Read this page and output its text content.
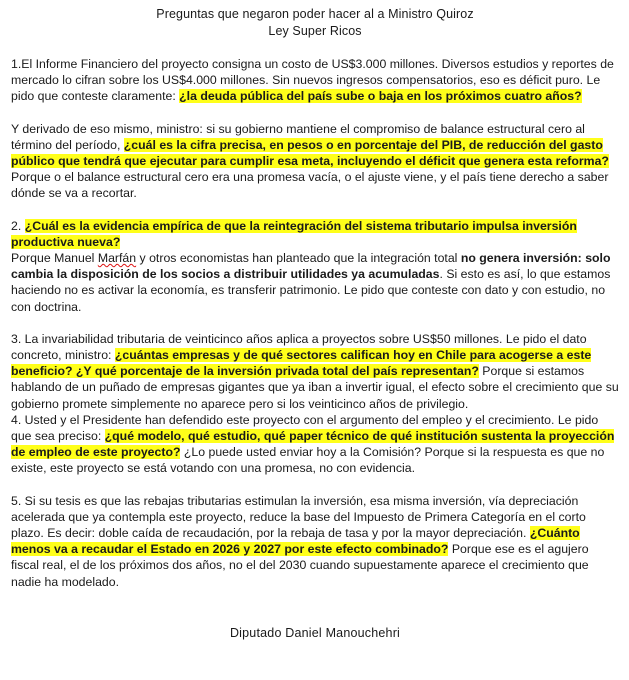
Preguntas que negaron poder hacer al a Ministro Quiroz
Ley Super Ricos

1.El Informe Financiero del proyecto consigna un costo de US$3.000 millones. Diversos estudios y reportes de mercado lo cifran sobre los US$4.000 millones. Sin nuevos ingresos compensatorios, eso es déficit puro. Le pido que conteste claramente: ¿la deuda pública del país sube o baja en los próximos cuatro años?

Y derivado de eso mismo, ministro: si su gobierno mantiene el compromiso de balance estructural cero al término del período, ¿cuál es la cifra precisa, en pesos o en porcentaje del PIB, de reducción del gasto público que tendrá que ejecutar para cumplir esa meta, incluyendo el déficit que genera esta reforma? Porque o el balance estructural cero era una promesa vacía, o el ajuste viene, y el país tiene derecho a saber dónde se va a recortar.

2. ¿Cuál es la evidencia empírica de que la reintegración del sistema tributario impulsa inversión productiva nueva?
Porque Manuel Marfán y otros economistas han planteado que la integración total no genera inversión: solo cambia la disposición de los socios a distribuir utilidades ya acumuladas. Si esto es así, lo que estamos haciendo no es activar la economía, es transferir patrimonio. Le pido que conteste con dato y con estudio, no con doctrina.

3. La invariabilidad tributaria de veinticinco años aplica a proyectos sobre US$50 millones. Le pido el dato concreto, ministro: ¿cuántas empresas y de qué sectores califican hoy en Chile para acogerse a este beneficio? ¿Y qué porcentaje de la inversión privada total del país representan? Porque si estamos hablando de un puñado de empresas gigantes que ya iban a invertir igual, el efecto sobre el crecimiento que su gobierno promete simplemente no aparece pero si los veinticinco años de privilegio.

4. Usted y el Presidente han defendido este proyecto con el argumento del empleo y el crecimiento. Le pido que sea preciso: ¿qué modelo, qué estudio, qué paper técnico de qué institución sustenta la proyección de empleo de este proyecto? ¿Lo puede usted enviar hoy a la Comisión? Porque si la respuesta es que no existe, este proyecto se está votando con una promesa, no con evidencia.

5. Si su tesis es que las rebajas tributarias estimulan la inversión, esa misma inversión, vía depreciación acelerada que ya contempla este proyecto, reduce la base del Impuesto de Primera Categoría en el corto plazo. Es decir: doble caída de recaudación, por la rebaja de tasa y por la mayor depreciación. ¿Cuánto menos va a recaudar el Estado en 2026 y 2027 por este efecto combinado? Porque ese es el agujero fiscal real, el de los próximos dos años, no el del 2030 cuando supuestamente aparece el crecimiento que nadie ha modelado.

Diputado Daniel Manouchehri
